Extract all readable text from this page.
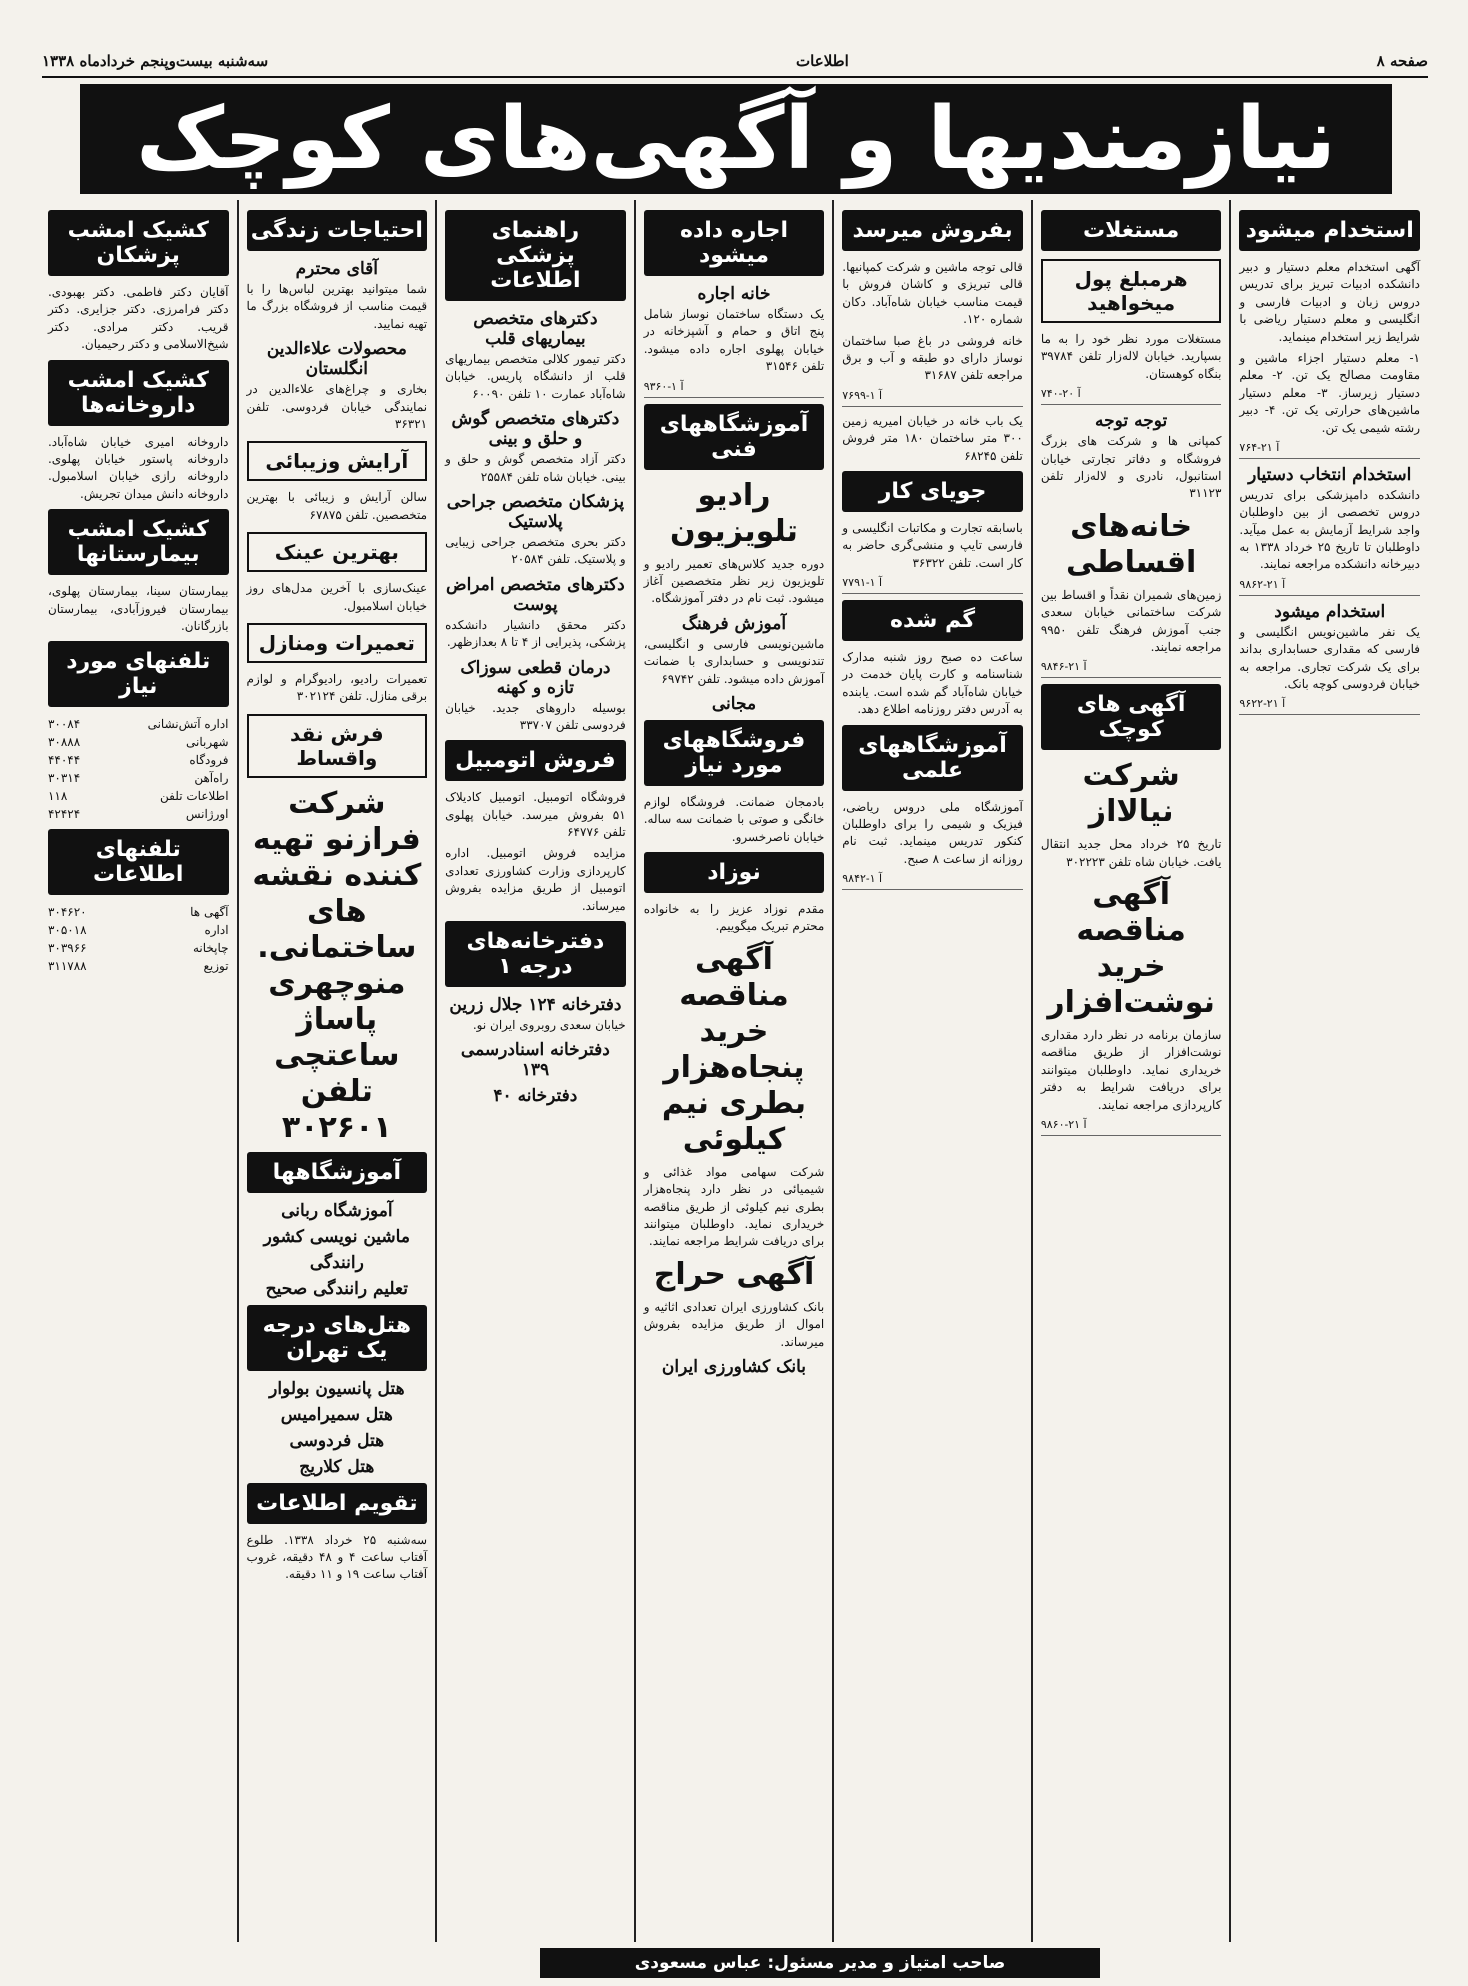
صفحه ۸
اطلاعات
سه‌شنبه بیست‌وپنجم خردادماه ۱۳۳۸
نیازمندیها و آگهی‌های کوچک
استخدام میشود
آگهی استخدام معلم دستیار و دبیر دانشکده ادبیات تبریز برای تدریس دروس زبان و ادبیات فارسی و انگلیسی و معلم دستیار ریاضی با شرایط زیر استخدام مینماید.
۱- معلم دستیار اجزاء ماشین و مقاومت مصالح یک تن. ۲- معلم دستیار زیرساز. ۳- معلم دستیار ماشین‌های حرارتی یک تن. ۴- دبیر رشته شیمی یک تن.
آ ۲۱-۷۶۴
استخدام انتخاب دستیار
دانشکده دامپزشکی برای تدریس دروس تخصصی از بین داوطلبان واجد شرایط آزمایش به عمل میآید. داوطلبان تا تاریخ ۲۵ خرداد ۱۳۳۸ به دبیرخانه دانشکده مراجعه نمایند.
آ ۲۱-۹۸۶۲
استخدام میشود
یک نفر ماشین‌نویس انگلیسی و فارسی که مقداری حسابداری بداند برای یک شرکت تجاری. مراجعه به خیابان فردوسی کوچه بانک.
آ ۲۱-۹۶۲۲
مستغلات
هرمبلغ پول میخواهید
مستغلات مورد نظر خود را به ما بسپارید. خیابان لاله‌زار تلفن ۳۹۷۸۴ بنگاه کوهستان.
آ ۲۰-۷۴۰
توجه توجه
کمپانی ها و شرکت های بزرگ فروشگاه و دفاتر تجارتی خیابان استانبول، نادری و لاله‌زار تلفن ۳۱۱۲۳
خانه‌های اقساطی
زمین‌های شمیران نقداً و اقساط بین شرکت ساختمانی خیابان سعدی جنب آموزش فرهنگ تلفن ۹۹۵۰ مراجعه نمایند.
آ ۲۱-۹۸۴۶
آگهی های کوچک
شرکت نیالااز
تاریخ ۲۵ خرداد محل جدید انتقال یافت. خیابان شاه تلفن ۳۰۲۲۲۳
آگهی مناقصه خرید نوشت‌افزار
سازمان برنامه در نظر دارد مقداری نوشت‌افزار از طریق مناقصه خریداری نماید. داوطلبان میتوانند برای دریافت شرایط به دفتر کارپردازی مراجعه نمایند.
آ ۲۱-۹۸۶۰
بفروش میرسد
قالی توجه ماشین و شرکت کمپانیها. قالی تبریزی و کاشان فروش با قیمت مناسب خیابان شاه‌آباد. دکان شماره ۱۲۰.
خانه فروشی در باغ صبا ساختمان نوساز دارای دو طبقه و آب و برق مراجعه تلفن ۳۱۶۸۷
آ ۱-۷۶۹۹
یک باب خانه در خیابان امیریه زمین ۳۰۰ متر ساختمان ۱۸۰ متر فروش تلفن ۶۸۲۴۵
جویای کار
باسابقه تجارت و مکاتبات انگلیسی و فارسی تایپ و منشی‌گری حاضر به کار است. تلفن ۳۶۳۲۲
آ ۱-۷۷۹۱
گم شده
ساعت ده صبح روز شنبه مدارک شناسنامه و کارت پایان خدمت در خیابان شاه‌آباد گم شده است. یابنده به آدرس دفتر روزنامه اطلاع دهد.
آموزشگاههای علمی
آموزشگاه ملی دروس ریاضی، فیزیک و شیمی را برای داوطلبان کنکور تدریس مینماید. ثبت نام روزانه از ساعت ۸ صبح.
آ ۱-۹۸۴۲
اجاره داده میشود
خانه اجاره
یک دستگاه ساختمان نوساز شامل پنج اتاق و حمام و آشپزخانه در خیابان پهلوی اجاره داده میشود. تلفن ۳۱۵۴۶
آ ۱-۹۳۶۰
آموزشگاههای فنی
رادیو تلویزیون
دوره جدید کلاس‌های تعمیر رادیو و تلویزیون زیر نظر متخصصین آغاز میشود. ثبت نام در دفتر آموزشگاه.
آموزش فرهنگ
ماشین‌نویسی فارسی و انگلیسی، تندنویسی و حسابداری با ضمانت آموزش داده میشود. تلفن ۶۹۷۴۲
مجانی
فروشگاههای مورد نیاز
بادمجان ضمانت. فروشگاه لوازم خانگی و صوتی با ضمانت سه ساله. خیابان ناصرخسرو.
نوزاد
مقدم نوزاد عزیز را به خانواده محترم تبریک میگوییم.
آگهی مناقصه خرید پنجاه‌هزار بطری نیم کیلوئی
شرکت سهامی مواد غذائی و شیمیائی در نظر دارد پنجاه‌هزار بطری نیم کیلوئی از طریق مناقصه خریداری نماید. داوطلبان میتوانند برای دریافت شرایط مراجعه نمایند.
آگهی حراج
بانک کشاورزی ایران تعدادی اثاثیه و اموال از طریق مزایده بفروش میرساند.
بانک کشاورزی ایران
راهنمای پزشکی اطلاعات
دکترهای متخصص بیماریهای قلب
دکتر تیمور کلالی متخصص بیماریهای قلب از دانشگاه پاریس. خیابان شاه‌آباد عمارت ۱۰ تلفن ۶۰۰۹۰
دکترهای متخصص گوش و حلق و بینی
دکتر آزاد متخصص گوش و حلق و بینی. خیابان شاه تلفن ۲۵۵۸۴
پزشکان متخصص جراحی پلاستیک
دکتر بحری متخصص جراحی زیبایی و پلاستیک. تلفن ۲۰۵۸۴
دکترهای متخصص امراض پوست
دکتر محقق دانشیار دانشکده پزشکی، پذیرایی از ۴ تا ۸ بعدازظهر.
درمان قطعی سوزاک تازه و کهنه
بوسیله داروهای جدید. خیابان فردوسی تلفن ۳۳۷۰۷
فروش اتومبیل
فروشگاه اتومبیل. اتومبیل کادیلاک ۵۱ بفروش میرسد. خیابان پهلوی تلفن ۶۴۷۷۶
مزایده فروش اتومبیل. اداره کارپردازی وزارت کشاورزی تعدادی اتومبیل از طریق مزایده بفروش میرساند.
دفترخانه‌های درجه ۱
دفترخانه ۱۲۴ جلال زرین
خیابان سعدی روبروی ایران نو.
دفترخانه اسنادرسمی ۱۳۹
دفترخانه ۴۰
احتیاجات زندگی
آقای محترم
شما میتوانید بهترین لباس‌ها را با قیمت مناسب از فروشگاه بزرگ ما تهیه نمایید.
محصولات علاءالدین انگلستان
بخاری و چراغ‌های علاءالدین در نمایندگی خیابان فردوسی. تلفن ۳۶۳۲۱
آرایش وزیبائی
سالن آرایش و زیبائی با بهترین متخصصین. تلفن ۶۷۸۷۵
بهترین عینک
عینک‌سازی با آخرین مدل‌های روز خیابان اسلامبول.
تعمیرات ومنازل
تعمیرات رادیو، رادیوگرام و لوازم برقی منازل. تلفن ۳۰۲۱۲۴
فرش نقد واقساط
شرکت فرازنو تهیه کننده نقشه های ساختمانی. منوچهری پاساژ ساعتچی تلفن ۳۰۲۶۰۱
آموزشگاهها
آموزشگاه ربانی
ماشین نویسی کشور
رانندگی
تعلیم رانندگی صحیح
هتل‌های درجه یک تهران
هتل پانسیون بولوار
هتل سمیرامیس
هتل فردوسی
هتل کلاریج
تقویم اطلاعات
سه‌شنبه ۲۵ خرداد ۱۳۳۸. طلوع آفتاب ساعت ۴ و ۴۸ دقیقه، غروب آفتاب ساعت ۱۹ و ۱۱ دقیقه.
کشیک امشب پزشکان
آقایان دکتر فاطمی. دکتر بهبودی. دکتر فرامرزی. دکتر جزایری. دکتر قریب. دکتر مرادی. دکتر شیخ‌الاسلامی و دکتر رحیمیان.
کشیک امشب داروخانه‌ها
داروخانه امیری خیابان شاه‌آباد. داروخانه پاستور خیابان پهلوی. داروخانه رازی خیابان اسلامبول. داروخانه دانش میدان تجریش.
کشیک امشب بیمارستانها
بیمارستان سینا، بیمارستان پهلوی، بیمارستان فیروزآبادی، بیمارستان بازرگانان.
تلفنهای مورد نیاز
اداره آتش‌نشانی
۳۰۰۸۴
شهربانی
۳۰۸۸۸
فرودگاه
۴۴۰۴۴
راه‌آهن
۳۰۳۱۴
اطلاعات تلفن
۱۱۸
اورژانس
۴۲۴۲۴
تلفنهای اطلاعات
آگهی ها
۳۰۴۶۲۰
اداره
۳۰۵۰۱۸
چاپخانه
۳۰۳۹۶۶
توزیع
۳۱۱۷۸۸
صاحب امتیاز و مدیر مسئول: عباس مسعودی
